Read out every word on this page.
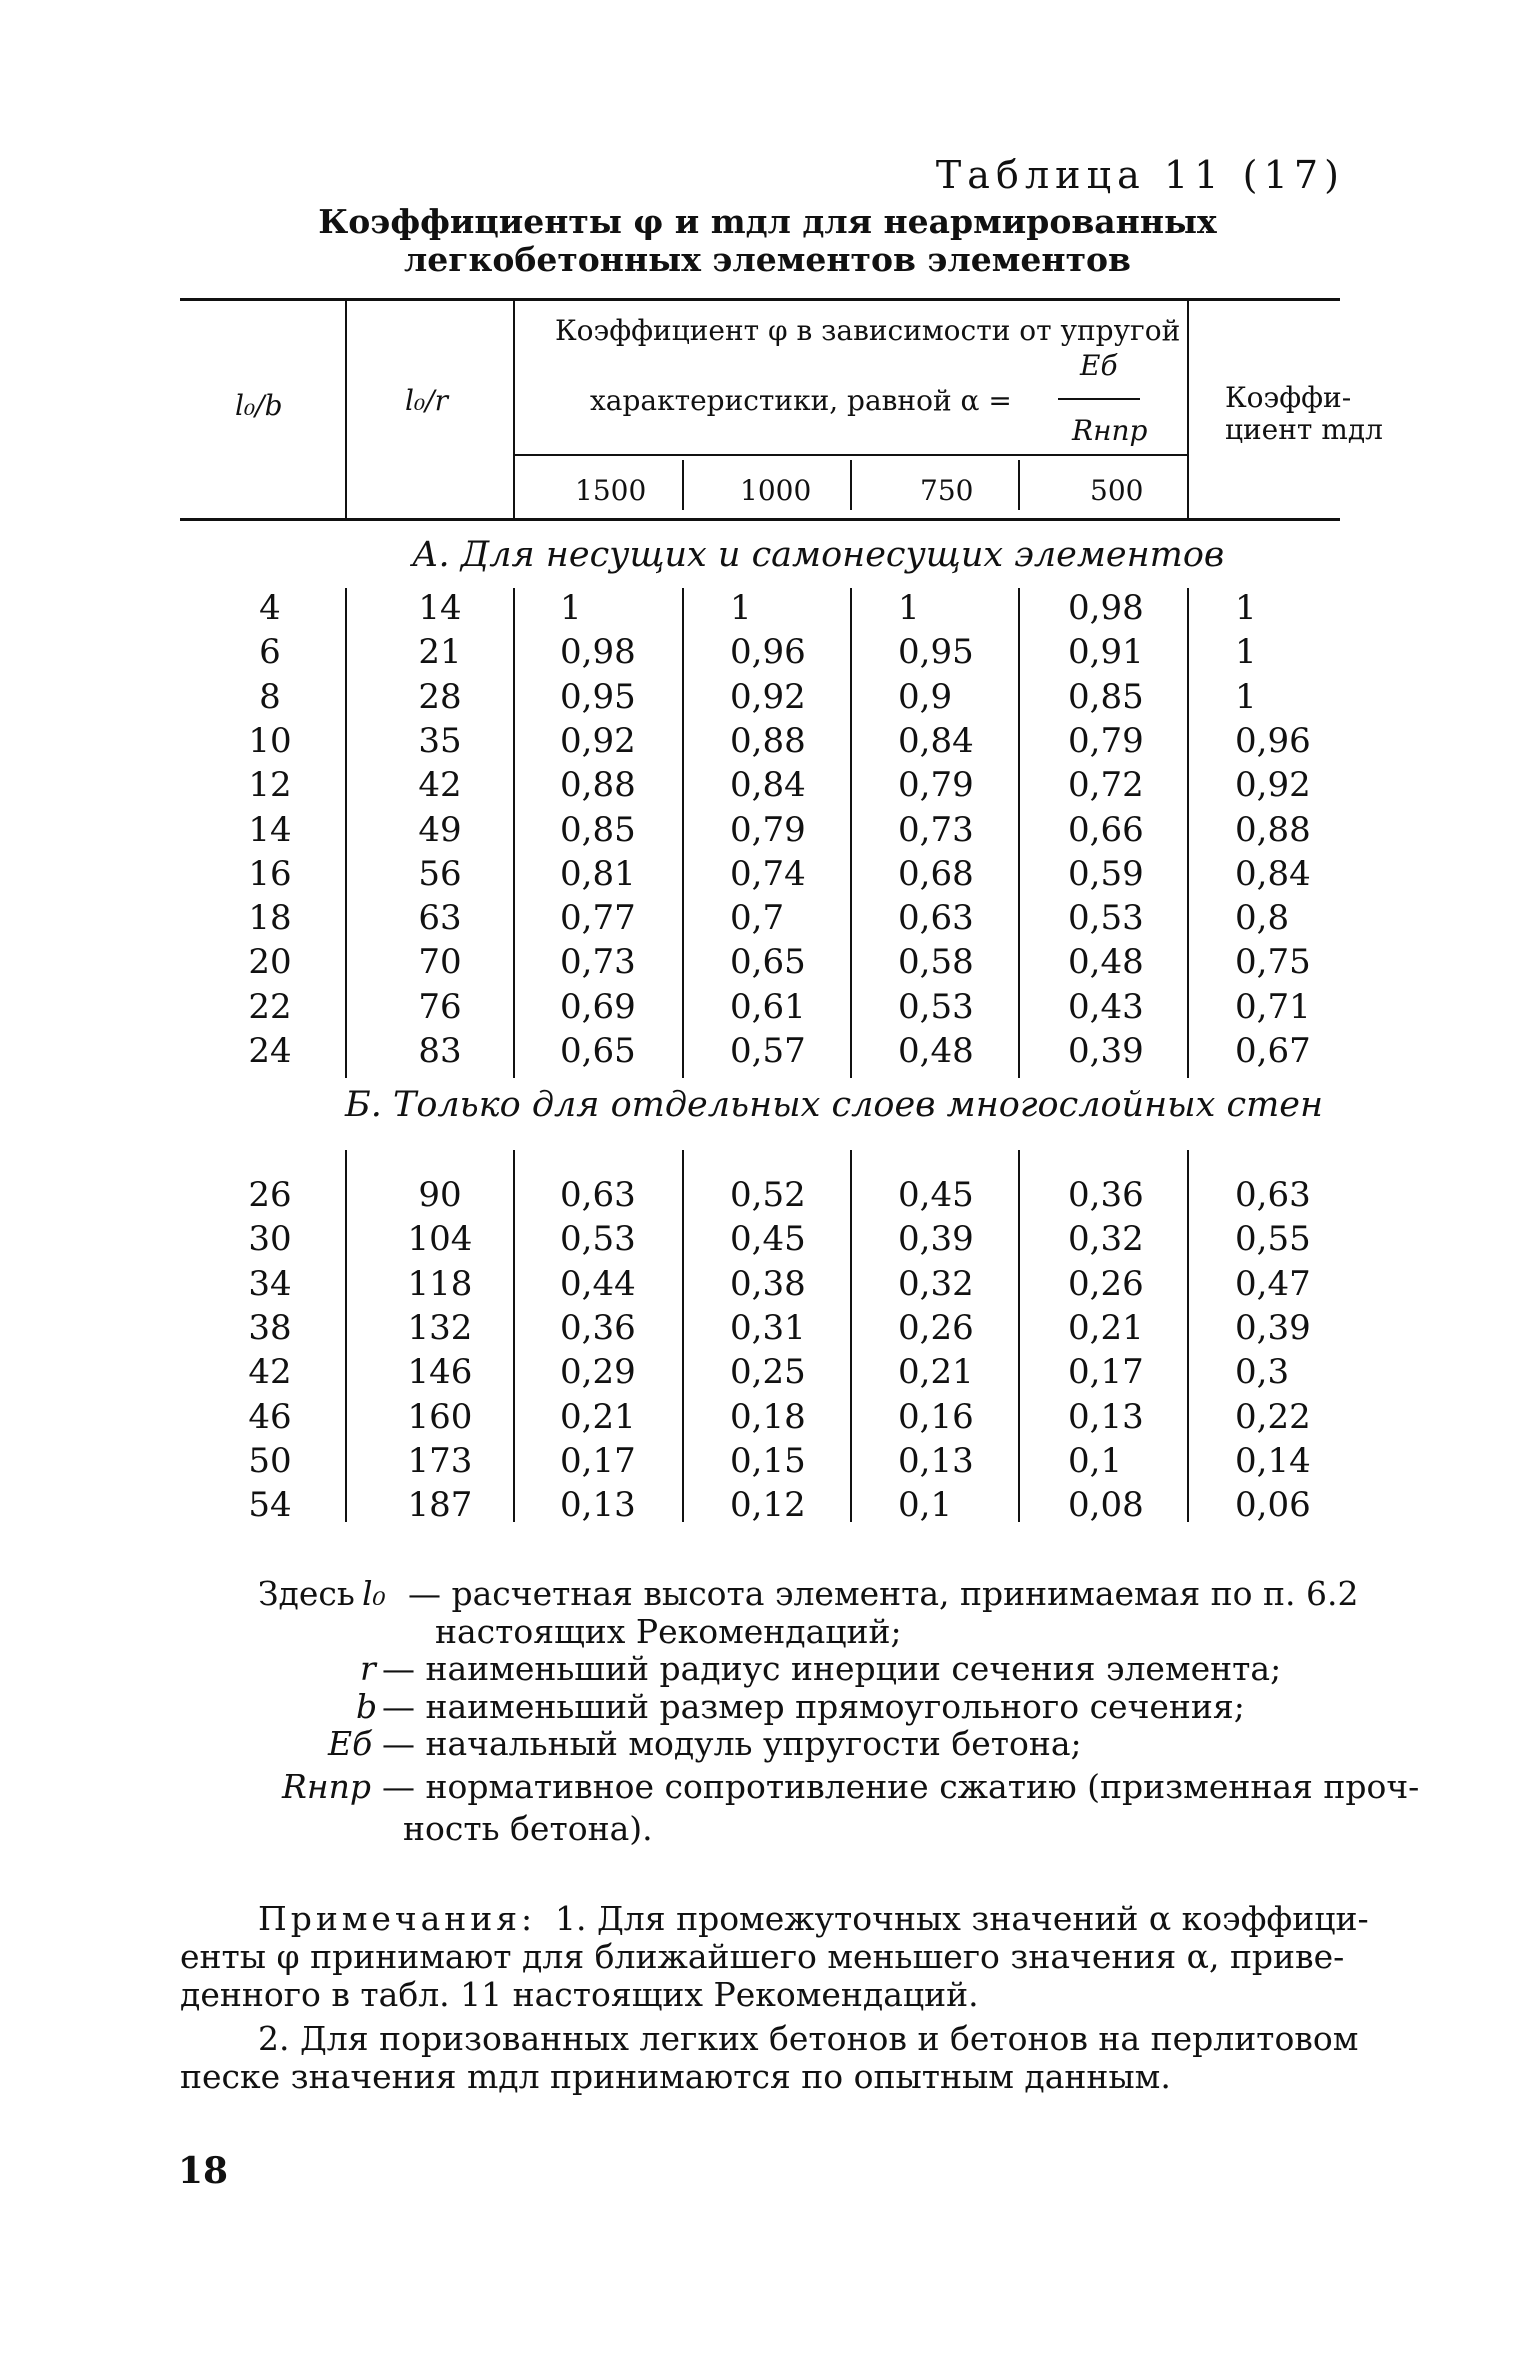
Таблица 11 (17)
Коэффициенты φ и mдл для неармированных легкобетонных элементов элементов
l₀/b	l₀/r
Коэффициент φ в зависимости от упругой
характеристики, равной α =
Eб
Rнпр
1500	1000	750	500
Коэффи-
циент mдл
А. Для несущих и самонесущих элементов
4	14	1	1	1	0,98	1
6	21	0,98	0,96	0,95	0,91	1
8	28	0,95	0,92	0,9	0,85	1
10	35	0,92	0,88	0,84	0,79	0,96
12	42	0,88	0,84	0,79	0,72	0,92
14	49	0,85	0,79	0,73	0,66	0,88
16	56	0,81	0,74	0,68	0,59	0,84
18	63	0,77	0,7	0,63	0,53	0,8
20	70	0,73	0,65	0,58	0,48	0,75
22	76	0,69	0,61	0,53	0,43	0,71
24	83	0,65	0,57	0,48	0,39	0,67
Б. Только для отдельных слоев многослойных стен
26	90	0,63	0,52	0,45	0,36	0,63
30	104	0,53	0,45	0,39	0,32	0,55
34	118	0,44	0,38	0,32	0,26	0,47
38	132	0,36	0,31	0,26	0,21	0,39
42	146	0,29	0,25	0,21	0,17	0,3
46	160	0,21	0,18	0,16	0,13	0,22
50	173	0,17	0,15	0,13	0,1	0,14
54	187	0,13	0,12	0,1	0,08	0,06
Здесь l₀ — расчетная высота элемента, принимаемая по п. 6.2
настоящих Рекомендаций;
r — наименьший радиус инерции сечения элемента;
b — наименьший размер прямоугольного сечения;
Eб — начальный модуль упругости бетона;
Rнпр — нормативное сопротивление сжатию (призменная проч-
ность бетона).
Примечания: 1. Для промежуточных значений α коэффици-
енты φ принимают для ближайшего меньшего значения α, приве-
денного в табл. 11 настоящих Рекомендаций.
2. Для поризованных легких бетонов и бетонов на перлитовом
песке значения mдл принимаются по опытным данным.
18
